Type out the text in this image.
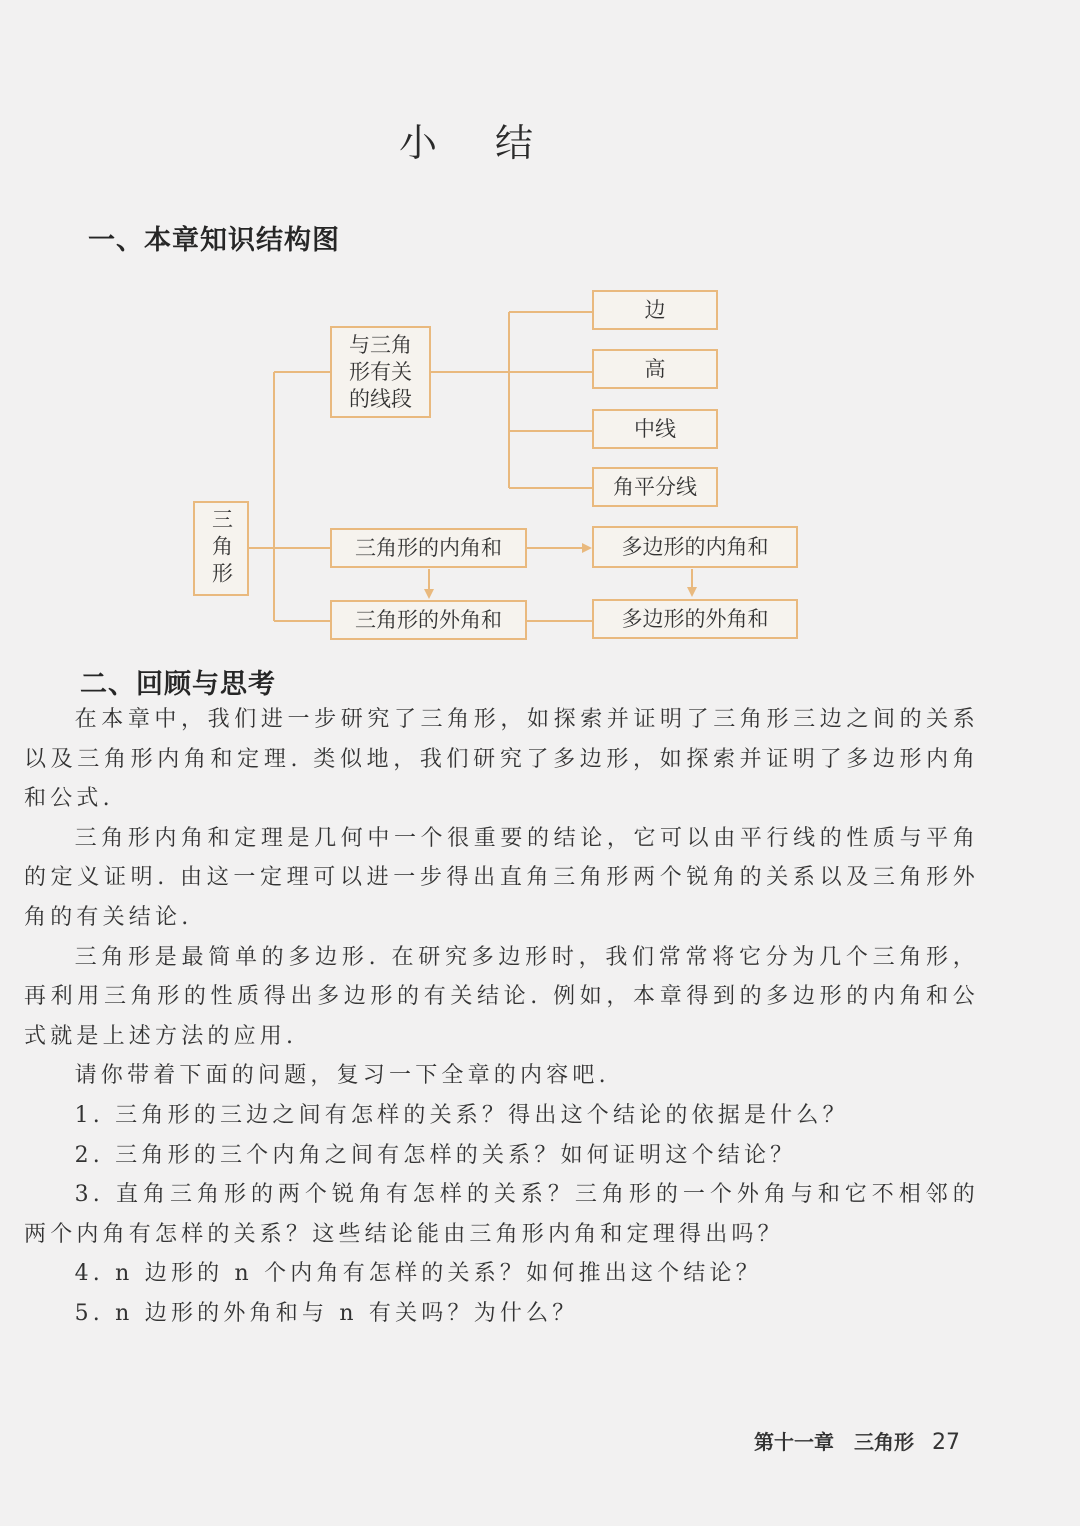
小结
一、本章知识结构图
三角形
与三角形有关的线段
边
高
中线
角平分线
三角形的内角和
三角形的外角和
多边形的内角和
多边形的外角和
二、回顾与思考

在本章中，我们进一步研究了三角形，如探索并证明了三角形三边之间的关系以及三角形内角和定理. 类似地，我们研究了多边形，如探索并证明了多边形内角和公式.

三角形内角和定理是几何中一个很重要的结论，它可以由平行线的性质与平角的定义证明. 由这一定理可以进一步得出直角三角形两个锐角的关系以及三角形外角的有关结论.

三角形是最简单的多边形. 在研究多边形时，我们常常将它分为几个三角形，再利用三角形的性质得出多边形的有关结论. 例如，本章得到的多边形的内角和公式就是上述方法的应用.

请你带着下面的问题，复习一下全章的内容吧.

1. 三角形的三边之间有怎样的关系？得出这个结论的依据是什么？

2. 三角形的三个内角之间有怎样的关系？如何证明这个结论？

3. 直角三角形的两个锐角有怎样的关系？三角形的一个外角与和它不相邻的两个内角有怎样的关系？这些结论能由三角形内角和定理得出吗？

4. n 边形的 n 个内角有怎样的关系？如何推出这个结论？

5. n 边形的外角和与 n 有关吗？为什么？

第十一章 三角形 27
